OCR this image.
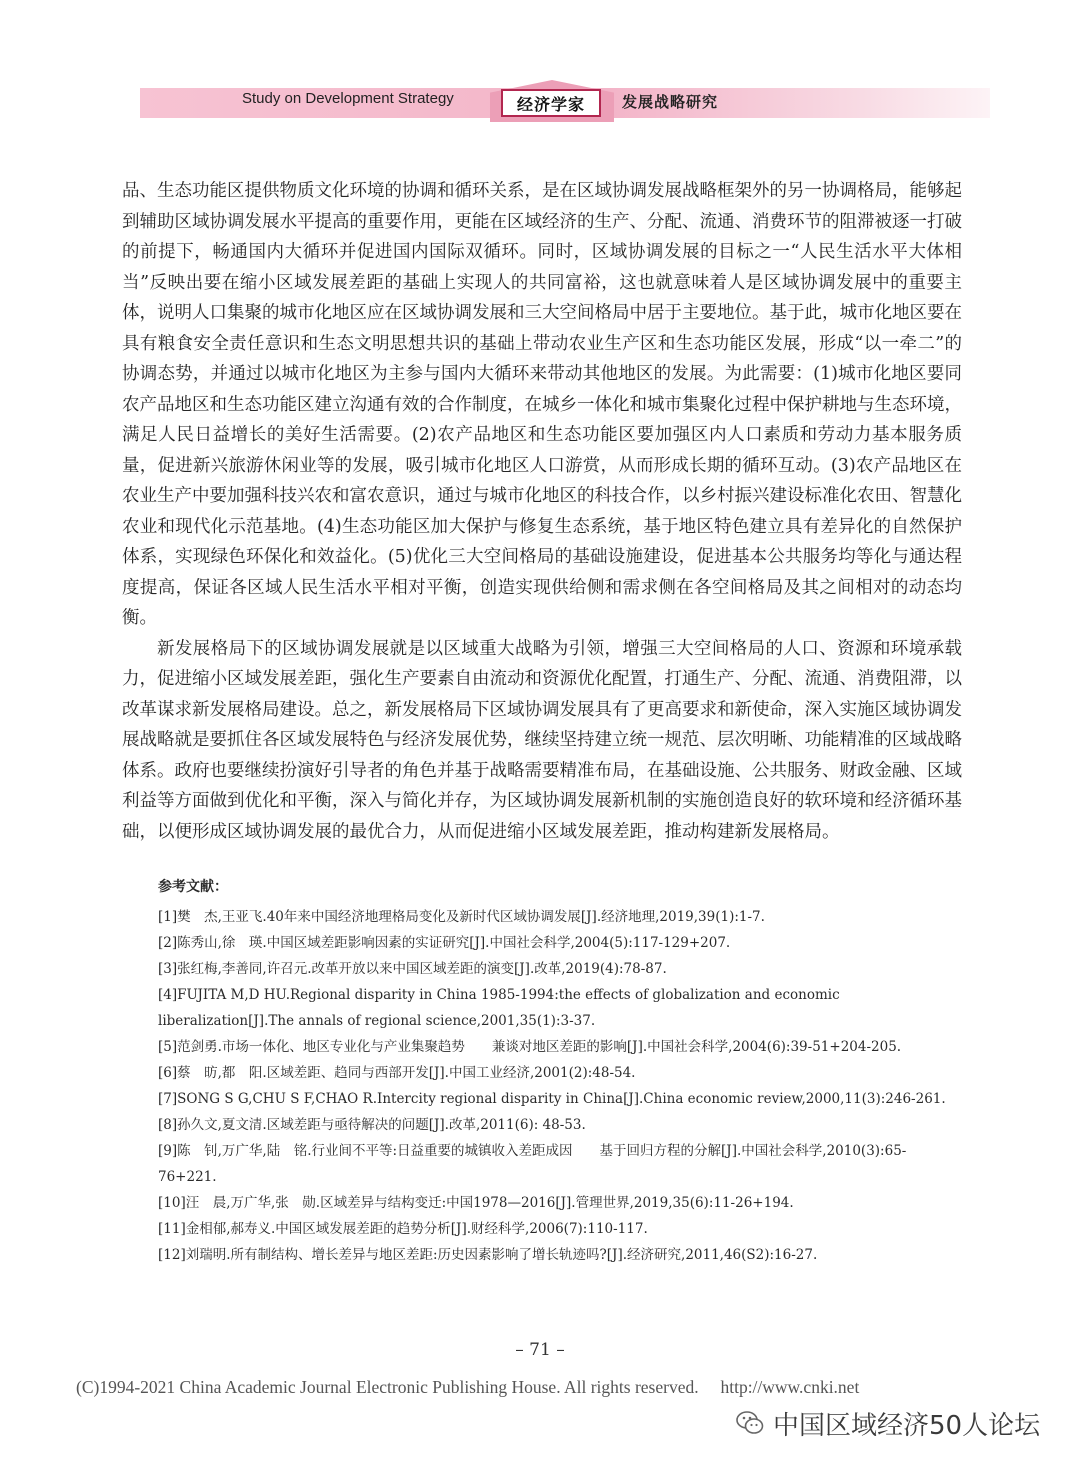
Study on Development Strategy	经济学家	发展战略研究

品、生态功能区提供物质文化环境的协调和循环关系，是在区域协调发展战略框架外的另一协调格局，能够起到辅助区域协调发展水平提高的重要作用，更能在区域经济的生产、分配、流通、消费环节的阻滞被逐一打破的前提下，畅通国内大循环并促进国内国际双循环。同时，区域协调发展的目标之一“人民生活水平大体相当”反映出要在缩小区域发展差距的基础上实现人的共同富裕，这也就意味着人是区域协调发展中的重要主体，说明人口集聚的城市化地区应在区域协调发展和三大空间格局中居于主要地位。基于此，城市化地区要在具有粮食安全责任意识和生态文明思想共识的基础上带动农业生产区和生态功能区发展，形成“以一牵二”的协调态势，并通过以城市化地区为主参与国内大循环来带动其他地区的发展。为此需要：(1)城市化地区要同农产品地区和生态功能区建立沟通有效的合作制度，在城乡一体化和城市集聚化过程中保护耕地与生态环境，满足人民日益增长的美好生活需要。(2)农产品地区和生态功能区要加强区内人口素质和劳动力基本服务质量，促进新兴旅游休闲业等的发展，吸引城市化地区人口游赏，从而形成长期的循环互动。(3)农产品地区在农业生产中要加强科技兴农和富农意识，通过与城市化地区的科技合作，以乡村振兴建设标准化农田、智慧化农业和现代化示范基地。(4)生态功能区加大保护与修复生态系统，基于地区特色建立具有差异化的自然保护体系，实现绿色环保化和效益化。(5)优化三大空间格局的基础设施建设，促进基本公共服务均等化与通达程度提高，保证各区域人民生活水平相对平衡，创造实现供给侧和需求侧在各空间格局及其之间相对的动态均衡。

新发展格局下的区域协调发展就是以区域重大战略为引领，增强三大空间格局的人口、资源和环境承载力，促进缩小区域发展差距，强化生产要素自由流动和资源优化配置，打通生产、分配、流通、消费阻滞，以改革谋求新发展格局建设。总之，新发展格局下区域协调发展具有了更高要求和新使命，深入实施区域协调发展战略就是要抓住各区域发展特色与经济发展优势，继续坚持建立统一规范、层次明晰、功能精准的区域战略体系。政府也要继续扮演好引导者的角色并基于战略需要精准布局，在基础设施、公共服务、财政金融、区域利益等方面做到优化和平衡，深入与简化并存，为区域协调发展新机制的实施创造良好的软环境和经济循环基础，以便形成区域协调发展的最优合力，从而促进缩小区域发展差距，推动构建新发展格局。

参考文献：
[1]樊　杰,王亚飞.40年来中国经济地理格局变化及新时代区域协调发展[J].经济地理,2019,39(1):1-7.
[2]陈秀山,徐　瑛.中国区域差距影响因素的实证研究[J].中国社会科学,2004(5):117-129+207.
[3]张红梅,李善同,许召元.改革开放以来中国区域差距的演变[J].改革,2019(4):78-87.
[4]FUJITA M,D HU.Regional disparity in China 1985-1994:the effects of globalization and economic liberalization[J].The annals of regional science,2001,35(1):3-37.
[5]范剑勇.市场一体化、地区专业化与产业集聚趋势　　兼谈对地区差距的影响[J].中国社会科学,2004(6):39-51+204-205.
[6]蔡　昉,都　阳.区域差距、趋同与西部开发[J].中国工业经济,2001(2):48-54.
[7]SONG S G,CHU S F,CHAO R.Intercity regional disparity in China[J].China economic review,2000,11(3):246-261.
[8]孙久文,夏文清.区域差距与亟待解决的问题[J].改革,2011(6): 48-53.
[9]陈　钊,万广华,陆　铭.行业间不平等:日益重要的城镇收入差距成因　　基于回归方程的分解[J].中国社会科学,2010(3):65-76+221.
[10]汪　晨,万广华,张　勋.区域差异与结构变迁:中国1978—2016[J].管理世界,2019,35(6):11-26+194.
[11]金相郁,郝寿义.中国区域发展差距的趋势分析[J].财经科学,2006(7):110-117.
[12]刘瑞明.所有制结构、增长差异与地区差距:历史因素影响了增长轨迹吗?[J].经济研究,2011,46(S2):16-27.
– 71 –
(C)1994-2021 China Academic Journal Electronic Publishing House. All rights reserved.　 http://www.cnki.net
中国区域经济50人论坛
